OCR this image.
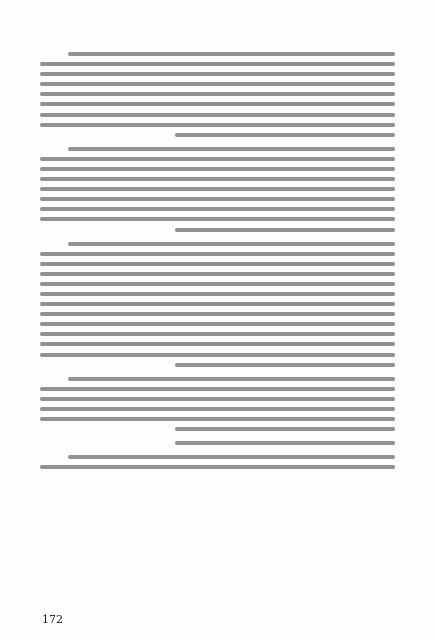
172
